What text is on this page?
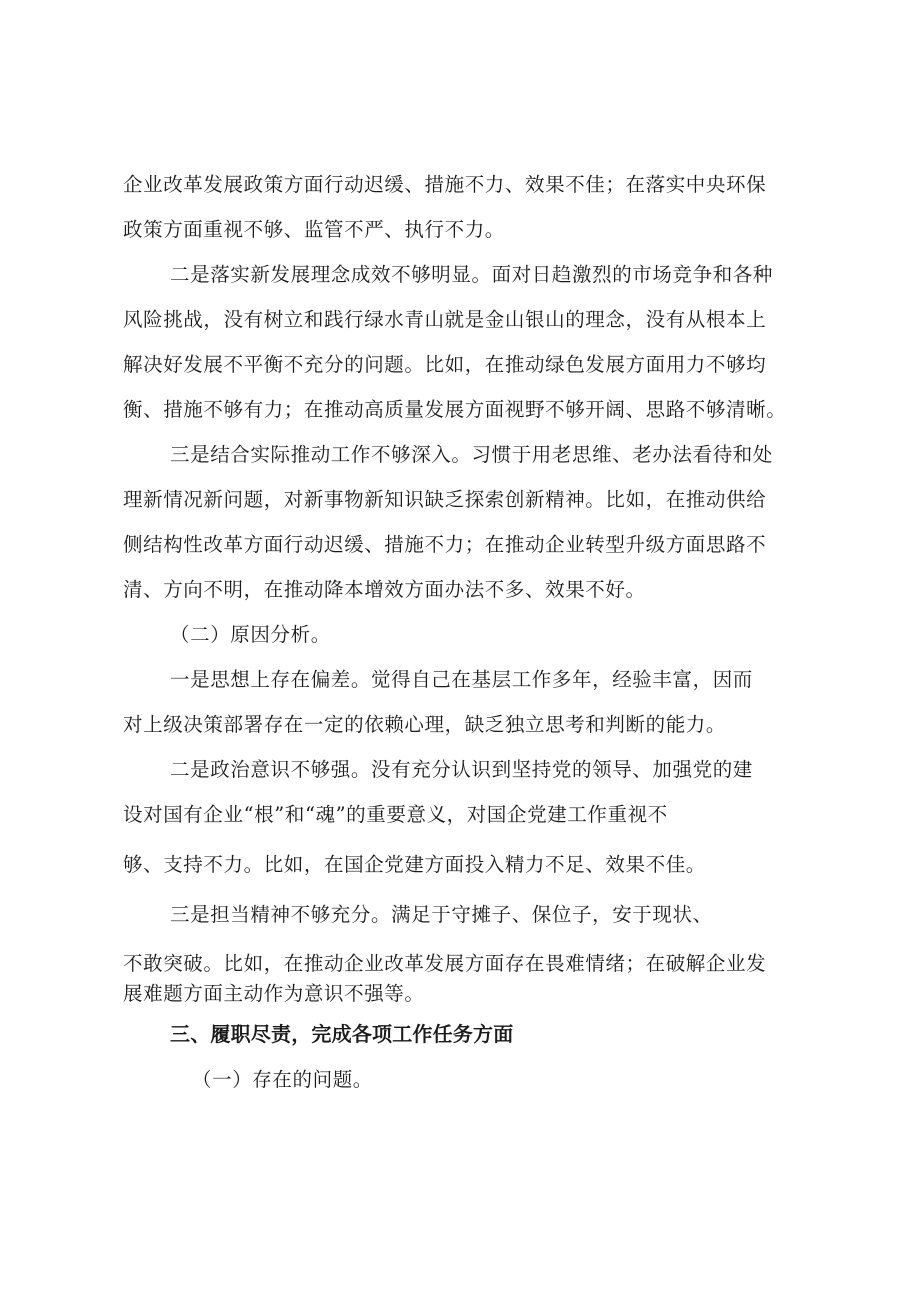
企业改革发展政策方面行动迟缓、措施不力、效果不佳；在落实中央环保
政策方面重视不够、监管不严、执行不力。
二是落实新发展理念成效不够明显。面对日趋激烈的市场竞争和各种
风险挑战，没有树立和践行绿水青山就是金山银山的理念，没有从根本上
解决好发展不平衡不充分的问题。比如，在推动绿色发展方面用力不够均
衡、措施不够有力；在推动高质量发展方面视野不够开阔、思路不够清晰。
三是结合实际推动工作不够深入。习惯于用老思维、老办法看待和处
理新情况新问题，对新事物新知识缺乏探索创新精神。比如，在推动供给
侧结构性改革方面行动迟缓、措施不力；在推动企业转型升级方面思路不
清、方向不明，在推动降本增效方面办法不多、效果不好。
（二）原因分析。
一是思想上存在偏差。觉得自己在基层工作多年，经验丰富，因而
对上级决策部署存在一定的依赖心理，缺乏独立思考和判断的能力。
二是政治意识不够强。没有充分认识到坚持党的领导、加强党的建
设对国有企业“根”和“魂”的重要意义，对国企党建工作重视不
够、支持不力。比如，在国企党建方面投入精力不足、效果不佳。
三是担当精神不够充分。满足于守摊子、保位子，安于现状、
不敢突破。比如，在推动企业改革发展方面存在畏难情绪；在破解企业发
展难题方面主动作为意识不强等。
三、履职尽责，完成各项工作任务方面
（一）存在的问题。
